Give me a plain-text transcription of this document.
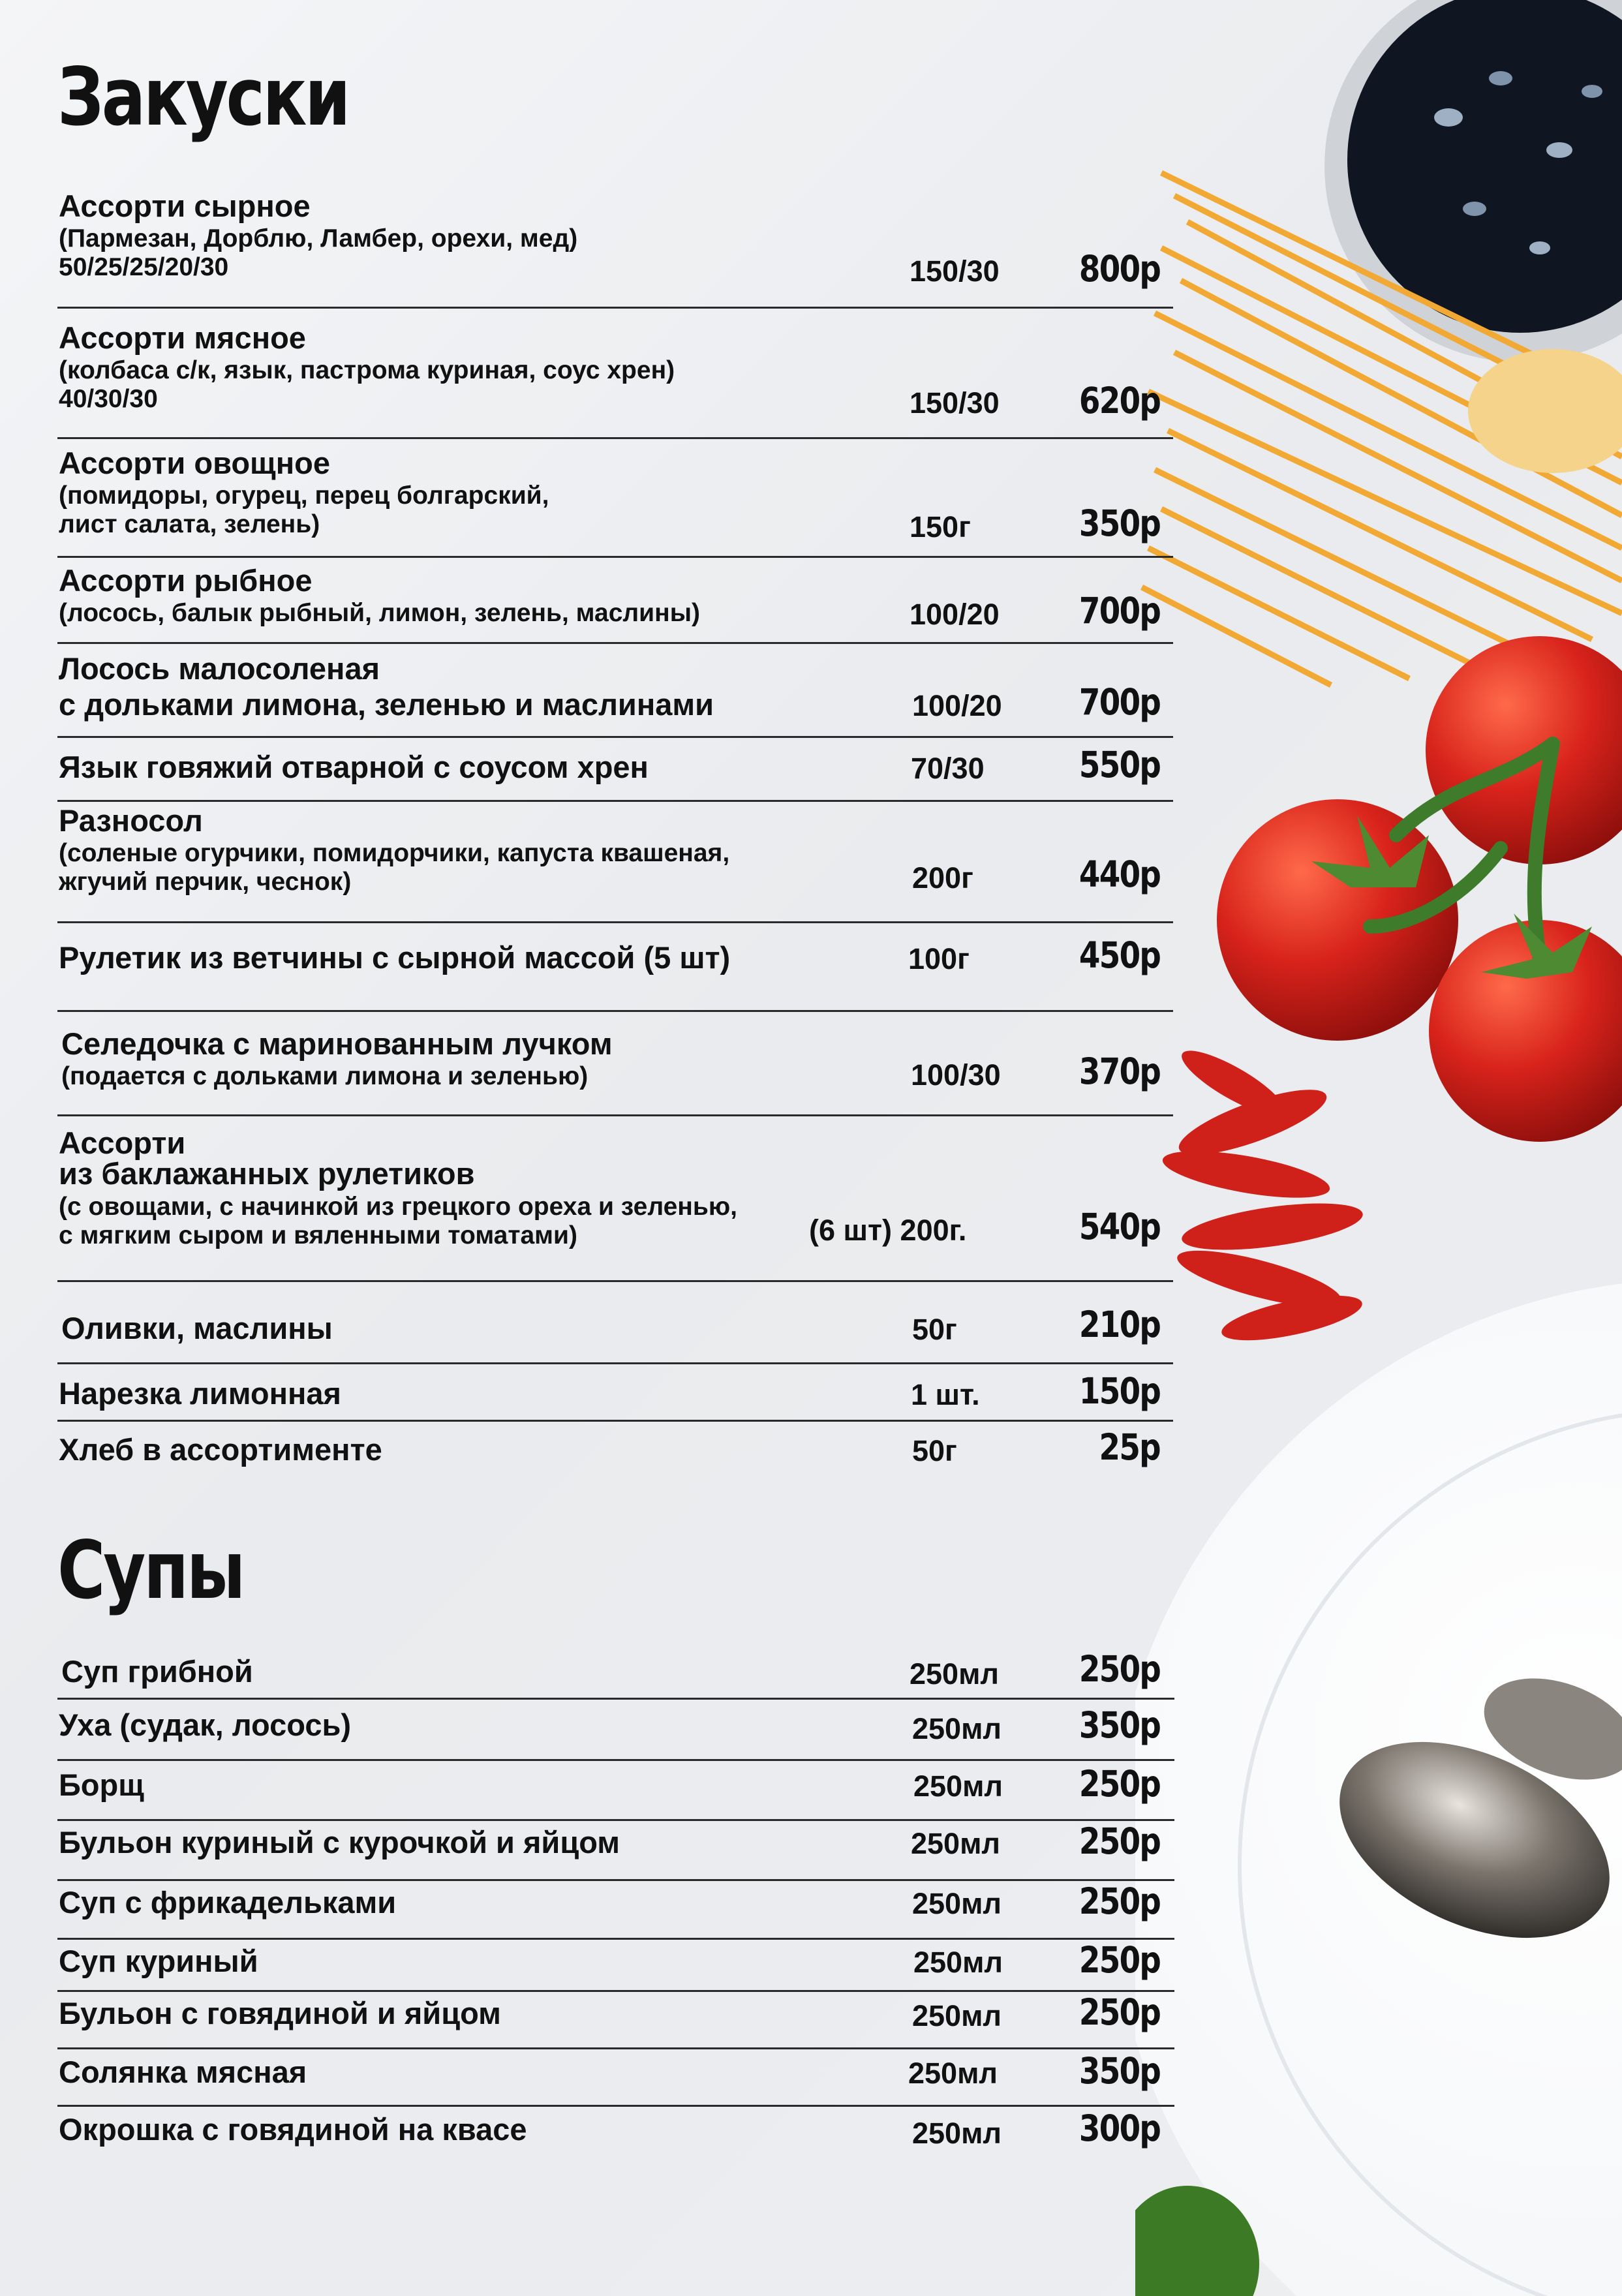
Закуски
Ассорти сырное
(Пармезан, Дорблю, Ламбер, орехи, мед)
50/25/25/20/30	150/30 800р
Ассорти мясное
(колбаса с/к, язык, пастрома куриная, соус хрен)
40/30/30	150/30 620р
Ассорти овощное
(помидоры, огурец, перец болгарский,
лист салата, зелень)	150г	350р
Ассорти рыбное
(лосось, балык рыбный, лимон, зелень, маслины)	100/20 700р
Лосось малосоленая
с дольками лимона, зеленью и маслинами	100/20 700р
Язык говяжий отварной с соусом хрен	70/30	550р
Разносол
(соленые огурчики, помидорчики, капуста квашеная,
жгучий перчик, чеснок)	200г	440р
Рулетик из ветчины с сырной массой (5 шт)	100г	450р
Селедочка с маринованным лучком
(подается с дольками лимона и зеленью)	100/30 370р
Ассорти
из баклажанных рулетиков
(с овощами, с начинкой из грецкого ореха и зеленью,
с мягким сыром и вяленными томатами)	(6 шт) 200г.	540р
Оливки, маслины	50г	210р
Нарезка лимонная	1 шт.	150р
Хлеб в ассортименте	50г	25р
Супы
Суп грибной	250мл 250р
Уха (судак, лосось)	250мл 350р
Борщ	250мл 250р
Бульон куриный с курочкой и яйцом	250мл 250р
Суп с фрикадельками	250мл 250р
Суп куриный	250мл 250р
Бульон с говядиной и яйцом	250мл 250р
Солянка мясная	250мл 350р
Окрошка с говядиной на квасе	250мл 300р
